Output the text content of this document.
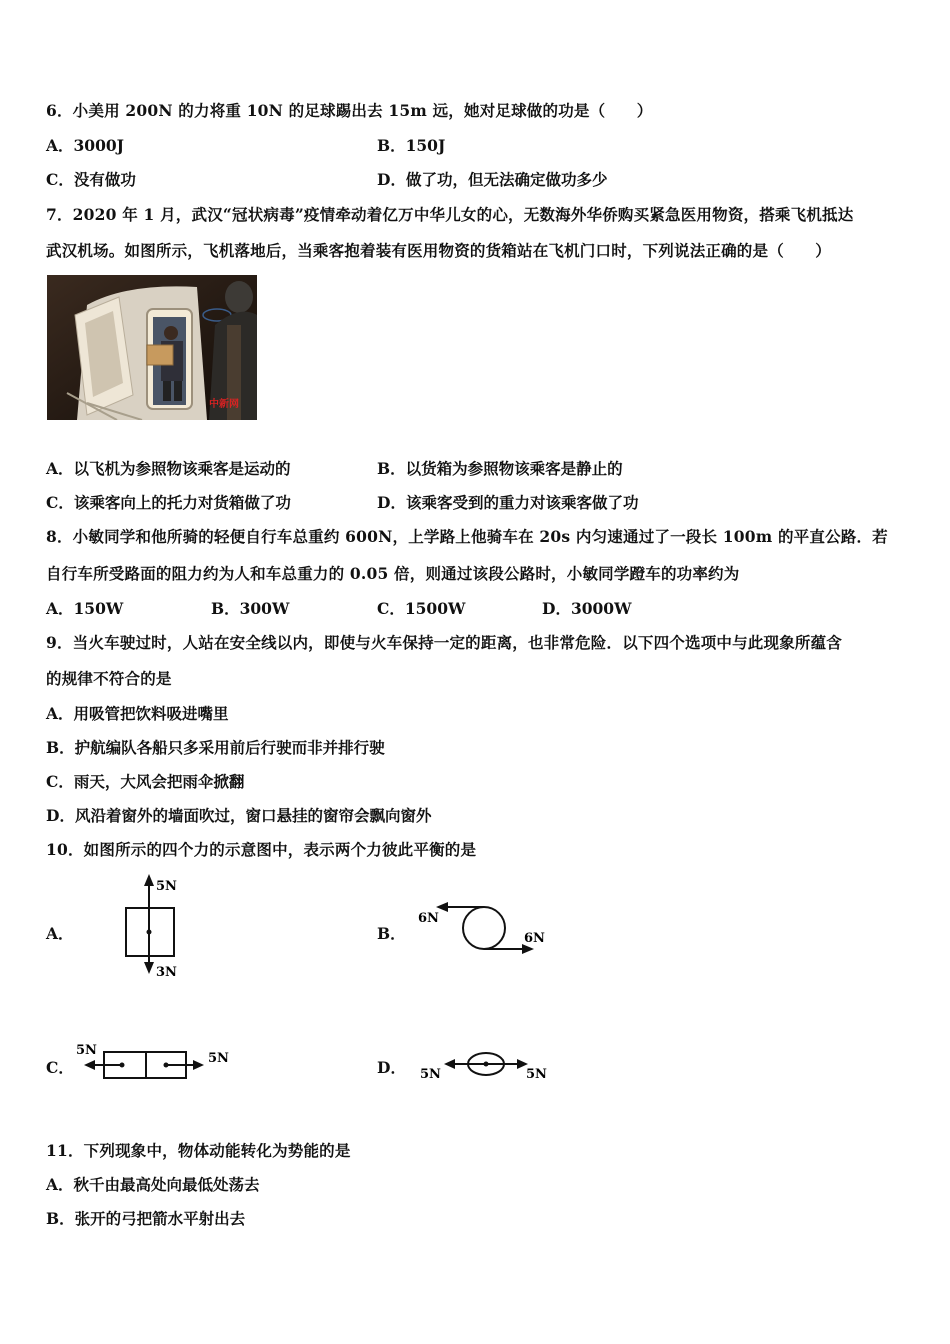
6．小美用 200N 的力将重 10N 的足球踢出去 15m 远，她对足球做的功是（　　）
A．3000J	B．150J
C．没有做功	D．做了功，但无法确定做功多少
7．2020 年 1 月，武汉“冠状病毒”疫情牵动着亿万中华儿女的心，无数海外华侨购买紧急医用物资，搭乘飞机抵达
武汉机场。如图所示，飞机落地后，当乘客抱着装有医用物资的货箱站在飞机门口时，下列说法正确的是（　　）
中新网
A．以飞机为参照物该乘客是运动的	B．以货箱为参照物该乘客是静止的
C．该乘客向上的托力对货箱做了功	D．该乘客受到的重力对该乘客做了功
8．小敏同学和他所骑的轻便自行车总重约 600N，上学路上他骑车在 20s 内匀速通过了一段长 100m 的平直公路．若
自行车所受路面的阻力约为人和车总重力的 0.05 倍，则通过该段公路时，小敏同学蹬车的功率约为
A．150W	B．300W	C．1500W	D．3000W
9．当火车驶过时，人站在安全线以内，即使与火车保持一定的距离，也非常危险．以下四个选项中与此现象所蕴含
的规律不符合的是
A．用吸管把饮料吸进嘴里
B．护航编队各船只多采用前后行驶而非并排行驶
C．雨天，大风会把雨伞掀翻
D．风沿着窗外的墙面吹过，窗口悬挂的窗帘会飘向窗外
10．如图所示的四个力的示意图中，表示两个力彼此平衡的是
A．
5N
3N
B．
6N
6N
C．
5N
5N	D． 5N	5N
11．下列现象中，物体动能转化为势能的是
A．秋千由最高处向最低处荡去
B．张开的弓把箭水平射出去
